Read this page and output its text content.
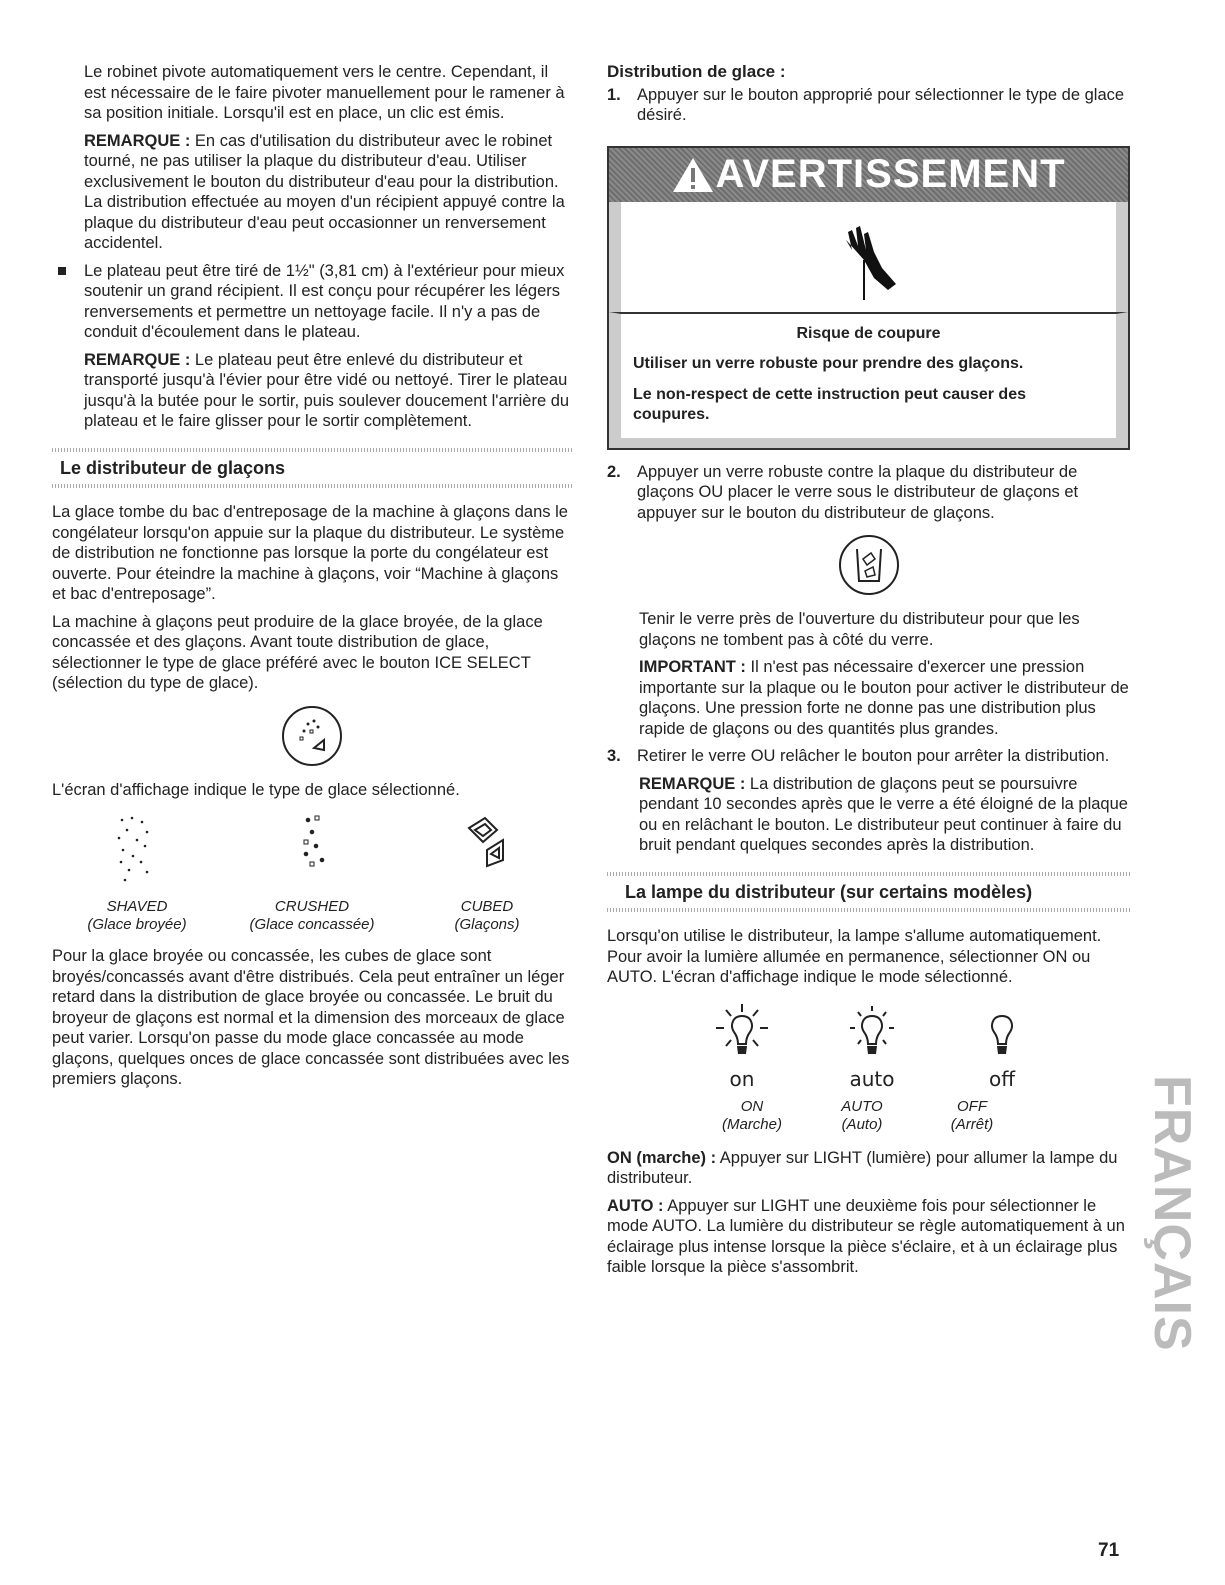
Le robinet pivote automatiquement vers le centre. Cependant, il est nécessaire de le faire pivoter manuellement pour le ramener à sa position initiale. Lorsqu'il est en place, un clic est émis.

REMARQUE : En cas d'utilisation du distributeur avec le robinet tourné, ne pas utiliser la plaque du distributeur d'eau. Utiliser exclusivement le bouton du distributeur d'eau pour la distribution. La distribution effectuée au moyen d'un récipient appuyé contre la plaque du distributeur d'eau peut occasionner un renversement accidentel.

Le plateau peut être tiré de 1½" (3,81 cm) à l'extérieur pour mieux soutenir un grand récipient. Il est conçu pour récupérer les légers renversements et permettre un nettoyage facile. Il n'y a pas de conduit d'écoulement dans le plateau.

REMARQUE : Le plateau peut être enlevé du distributeur et transporté jusqu'à l'évier pour être vidé ou nettoyé. Tirer le plateau jusqu'à la butée pour le sortir, puis soulever doucement l'arrière du plateau et le faire glisser pour le sortir complètement.

Le distributeur de glaçons

La glace tombe du bac d'entreposage de la machine à glaçons dans le congélateur lorsqu'on appuie sur la plaque du distributeur. Le système de distribution ne fonctionne pas lorsque la porte du congélateur est ouverte. Pour éteindre la machine à glaçons, voir “Machine à glaçons et bac d'entreposage”.

La machine à glaçons peut produire de la glace broyée, de la glace concassée et des glaçons. Avant toute distribution de glace, sélectionner le type de glace préféré avec le bouton ICE SELECT (sélection du type de glace).

L'écran d'affichage indique le type de glace sélectionné.

SHAVED
(Glace broyée)
CRUSHED
(Glace concassée)
CUBED
(Glaçons)

Pour la glace broyée ou concassée, les cubes de glace sont broyés/concassés avant d'être distribués. Cela peut entraîner un léger retard dans la distribution de glace broyée ou concassée. Le bruit du broyeur de glaçons est normal et la dimension des morceaux de glace peut varier. Lorsqu'on passe du mode glace concassée au mode glaçons, quelques onces de glace concassée sont distribuées avec les premiers glaçons.

Distribution de glace :
1. Appuyer sur le bouton approprié pour sélectionner le type de glace désiré.
AVERTISSEMENT

Risque de coupure

Utiliser un verre robuste pour prendre des glaçons.

Le non-respect de cette instruction peut causer des coupures.

2. Appuyer un verre robuste contre la plaque du distributeur de glaçons OU placer le verre sous le distributeur de glaçons et appuyer sur le bouton du distributeur de glaçons.

Tenir le verre près de l'ouverture du distributeur pour que les glaçons ne tombent pas à côté du verre.

IMPORTANT : Il n'est pas nécessaire d'exercer une pression importante sur la plaque ou le bouton pour activer le distributeur de glaçons. Une pression forte ne donne pas une distribution plus rapide de glaçons ou des quantités plus grandes.

3. Retirer le verre OU relâcher le bouton pour arrêter la distribution.

REMARQUE : La distribution de glaçons peut se poursuivre pendant 10 secondes après que le verre a été éloigné de la plaque ou en relâchant le bouton. Le distributeur peut continuer à faire du bruit pendant quelques secondes après la distribution.

La lampe du distributeur (sur certains modèles)

Lorsqu'on utilise le distributeur, la lampe s'allume automatiquement. Pour avoir la lumière allumée en permanence, sélectionner ON ou AUTO. L'écran d'affichage indique le mode sélectionné.

on	auto	off
ON
(Marche)
AUTO
(Auto)
OFF
(Arrêt)

ON (marche) : Appuyer sur LIGHT (lumière) pour allumer la lampe du distributeur.

AUTO : Appuyer sur LIGHT une deuxième fois pour sélectionner le mode AUTO. La lumière du distributeur se règle automatiquement à un éclairage plus intense lorsque la pièce s'éclaire, et à un éclairage plus faible lorsque la pièce s'assombrit.	FRANÇAIS
71
